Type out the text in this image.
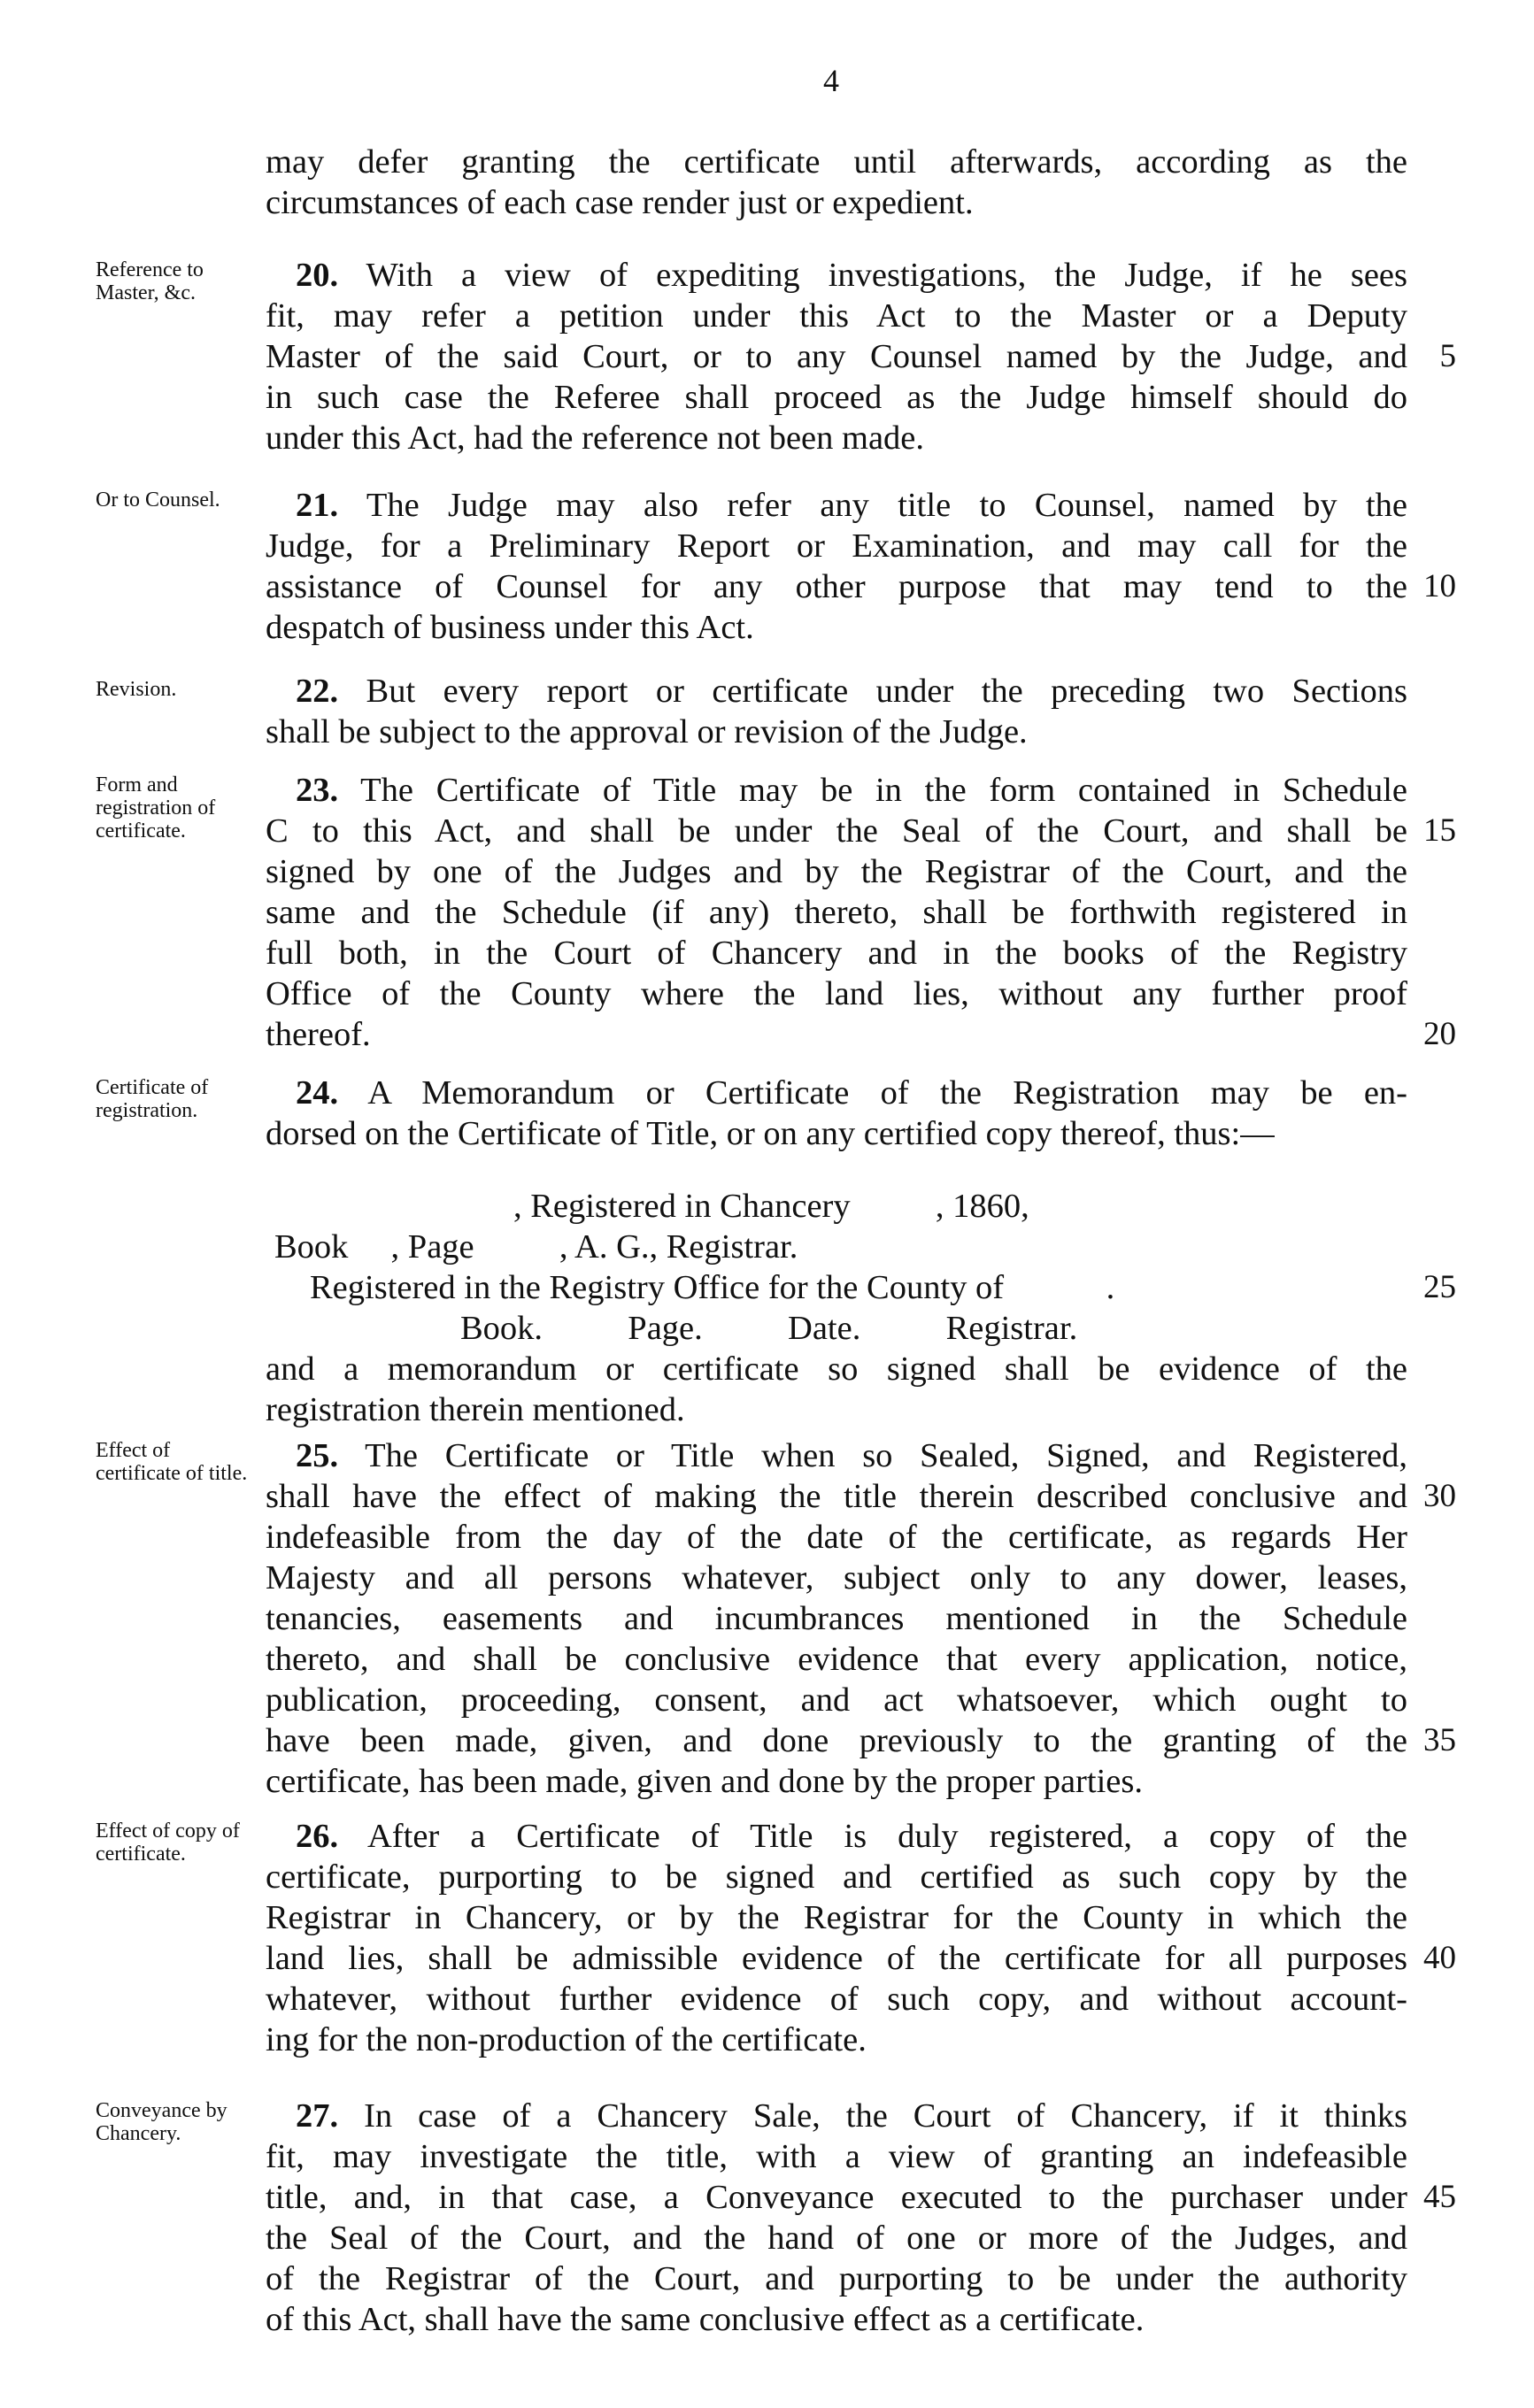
4
may defer granting the certificate until afterwards, according as the
circumstances of each case render just or expedient.
Reference to Master, &c.	20. With a view of expediting investigations, the Judge, if he sees
fit, may refer a petition under this Act to the Master or a Deputy
Master of the said Court, or to any Counsel named by the Judge, and
in such case the Referee shall proceed as the Judge himself should do
under this Act, had the reference not been made.
Or to Counsel.	21. The Judge may also refer any title to Counsel, named by the
Judge, for a Preliminary Report or Examination, and may call for the
assistance of Counsel for any other purpose that may tend to the
despatch of business under this Act.
Revision.	22. But every report or certificate under the preceding two Sections
shall be subject to the approval or revision of the Judge.
Form and registration of certificate.
23. The Certificate of Title may be in the form contained in Schedule
C to this Act, and shall be under the Seal of the Court, and shall be
signed by one of the Judges and by the Registrar of the Court, and the
same and the Schedule (if any) thereto, shall be forthwith registered in
full both, in the Court of Chancery and in the books of the Registry
Office of the County where the land lies, without any further proof
thereof.
Certificate of registration.	24. A Memorandum or Certificate of the Registration may be en-
dorsed on the Certificate of Title, or on any certified copy thereof, thus:—
, Registered in Chancery          , 1860,
Book     , Page          , A. G., Registrar.
Registered in the Registry Office for the County of            .
Book.          Page.          Date.          Registrar.
and a memorandum or certificate so signed shall be evidence of the
registration therein mentioned.
Effect of certificate of title.	25. The Certificate or Title when so Sealed, Signed, and Registered,
shall have the effect of making the title therein described conclusive and
indefeasible from the day of the date of the certificate, as regards Her
Majesty and all persons whatever, subject only to any dower, leases,
tenancies, easements and incumbrances mentioned in the Schedule
thereto, and shall be conclusive evidence that every application, notice,
publication, proceeding, consent, and act whatsoever, which ought to
have been made, given, and done previously to the granting of the
certificate, has been made, given and done by the proper parties.
Effect of copy of certificate.	26. After a Certificate of Title is duly registered, a copy of the
certificate, purporting to be signed and certified as such copy by the
Registrar in Chancery, or by the Registrar for the County in which the
land lies, shall be admissible evidence of the certificate for all purposes
whatever, without further evidence of such copy, and without account-
ing for the non-production of the certificate.
Conveyance by Chancery.	27. In case of a Chancery Sale, the Court of Chancery, if it thinks
fit, may investigate the title, with a view of granting an indefeasible
title, and, in that case, a Conveyance executed to the purchaser under
the Seal of the Court, and the hand of one or more of the Judges, and
of the Registrar of the Court, and purporting to be under the authority
of this Act, shall have the same conclusive effect as a certificate.
5
10
15
20
25
30
35
40
45
